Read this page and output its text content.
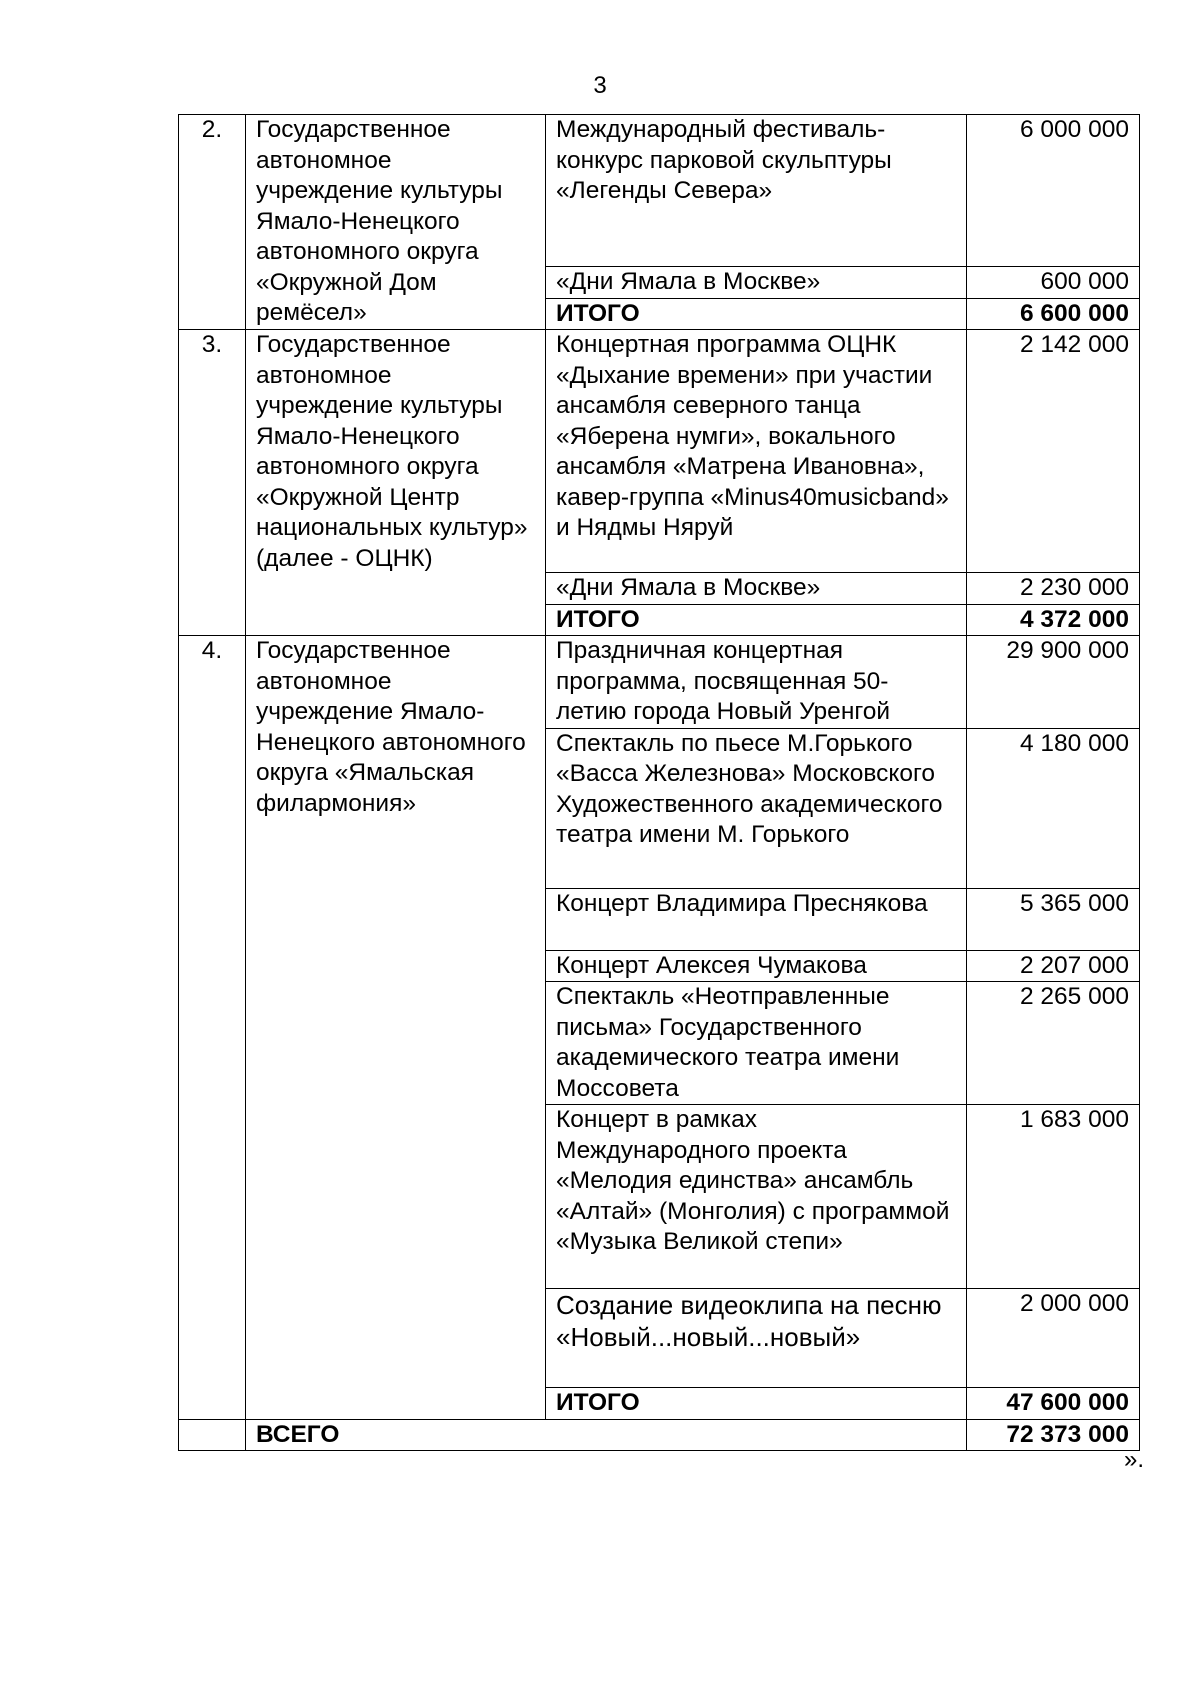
3
2.	Государственное автономное учреждение культуры Ямало-Ненецкого автономного округа «Окружной Дом ремёсел»	Международный фестиваль-конкурс парковой скульптуры «Легенды Севера»	6 000 000
		«Дни Ямала в Москве»	600 000
		ИТОГО	6 600 000
3.	Государственное автономное учреждение культуры Ямало-Ненецкого автономного округа «Окружной Центр национальных культур» (далее - ОЦНК)	Концертная программа ОЦНК «Дыхание времени» при участии ансамбля северного танца «Яберена нумги», вокального ансамбля «Матрена Ивановна», кавер-группа «Minus40musicband» и Нядмы Няруй	2 142 000
		«Дни Ямала в Москве»	2 230 000
		ИТОГО	4 372 000
4.	Государственное автономное учреждение Ямало-Ненецкого автономного округа «Ямальская филармония»	Праздничная концертная программа, посвященная 50-летию города Новый Уренгой	29 900 000
		Спектакль по пьесе М.Горького «Васса Железнова» Московского Художественного академического театра имени М. Горького	4 180 000
		Концерт Владимира Преснякова	5 365 000
		Концерт Алексея Чумакова	2 207 000
		Спектакль «Неотправленные письма» Государственного академического театра имени Моссовета	2 265 000
		Концерт в рамках Международного проекта «Мелодия единства» ансамбль «Алтай» (Монголия) с программой «Музыка Великой степи»	1 683 000
		Создание видеоклипа на песню «Новый...новый...новый»	2 000 000
		ИТОГО	47 600 000
	ВСЕГО		72 373 000
».
